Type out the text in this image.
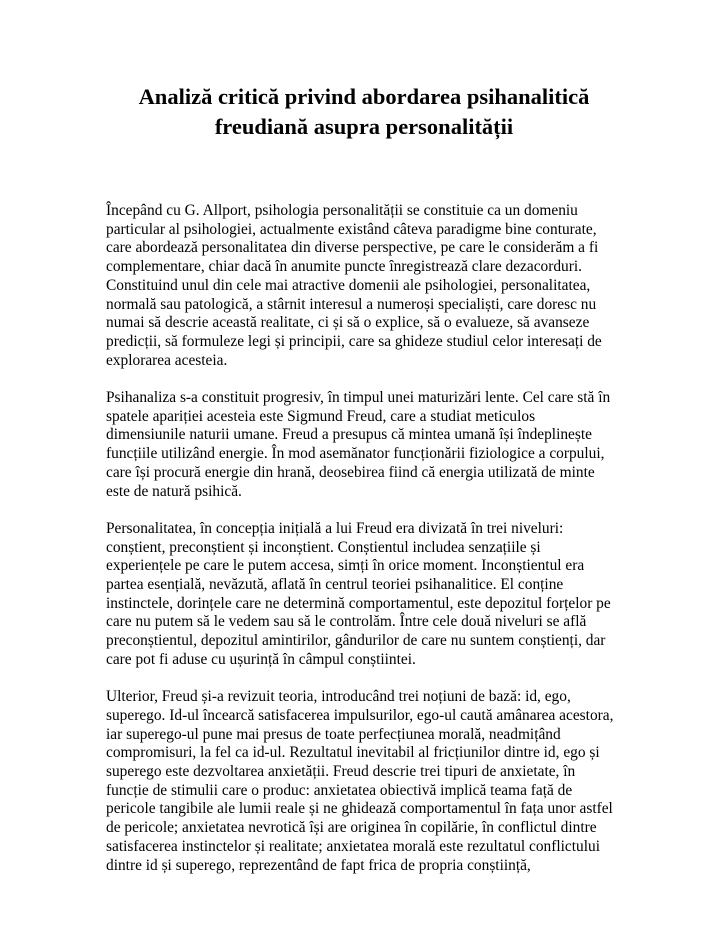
Analiză critică privind abordarea psihanalitică
freudiană asupra personalității

Începând cu G. Allport, psihologia personalității se constituie ca un domeniu
particular al psihologiei, actualmente existând câteva paradigme bine conturate,
care abordează personalitatea din diverse perspective, pe care le considerăm a fi
complementare, chiar dacă în anumite puncte înregistrează clare dezacorduri.
Constituind unul din cele mai atractive domenii ale psihologiei, personalitatea,
normală sau patologică, a stârnit interesul a numeroși specialiști, care doresc nu
numai să descrie această realitate, ci și să o explice, să o evalueze, să avanseze
predicții, să formuleze legi și principii, care sa ghideze studiul celor interesați de
explorarea acesteia.

Psihanaliza s-a constituit progresiv, în timpul unei maturizări lente. Cel care stă în
spatele apariției acesteia este Sigmund Freud, care a studiat meticulos
dimensiunile naturii umane. Freud a presupus că mintea umană își îndeplinește
funcțiile utilizând energie. În mod asemănator funcționării fiziologice a corpului,
care își procură energie din hrană, deosebirea fiind că energia utilizată de minte
este de natură psihică.

Personalitatea, în concepția inițială a lui Freud era divizată în trei niveluri:
conștient, preconștient și inconștient. Conștientul includea senzațiile și
experiențele pe care le putem accesa, simți în orice moment. Inconștientul era
partea esențială, nevăzută, aflată în centrul teoriei psihanalitice. El conține
instinctele, dorințele care ne determină comportamentul, este depozitul forțelor pe
care nu putem să le vedem sau să le controlăm. Între cele două niveluri se află
preconștientul, depozitul amintirilor, gândurilor de care nu suntem conștienți, dar
care pot fi aduse cu ușurință în câmpul conștiintei.

Ulterior, Freud și-a revizuit teoria, introducând trei noțiuni de bază: id, ego,
superego. Id-ul încearcă satisfacerea impulsurilor, ego-ul caută amânarea acestora,
iar superego-ul pune mai presus de toate perfecțiunea morală, neadmițând
compromisuri, la fel ca id-ul. Rezultatul inevitabil al fricțiunilor dintre id, ego și
superego este dezvoltarea anxietății. Freud descrie trei tipuri de anxietate, în
funcție de stimulii care o produc: anxietatea obiectivă implică teama față de
pericole tangibile ale lumii reale și ne ghidează comportamentul în fața unor astfel
de pericole; anxietatea nevrotică își are originea în copilărie, în conflictul dintre
satisfacerea instinctelor și realitate; anxietatea morală este rezultatul conflictului
dintre id și superego, reprezentând de fapt frica de propria conștiință,
